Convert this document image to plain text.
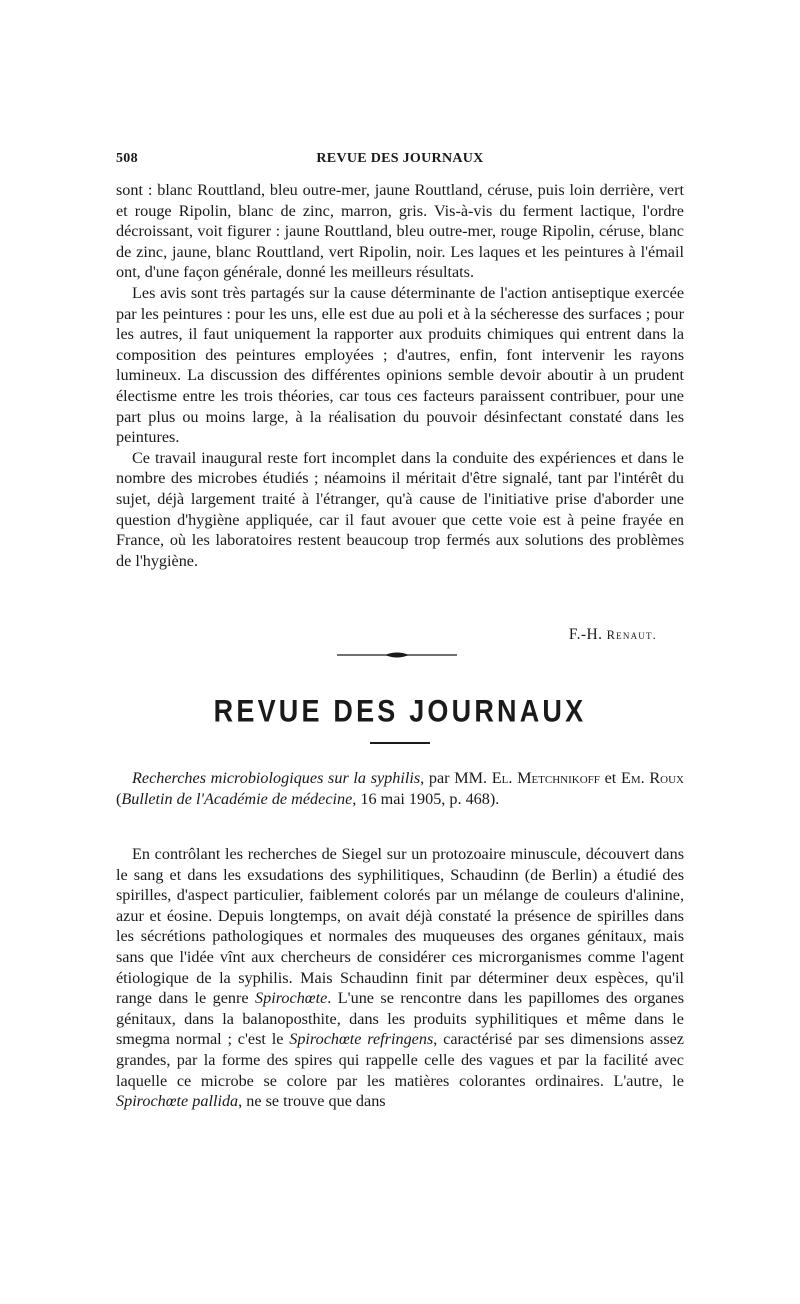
508	REVUE DES JOURNAUX

sont : blanc Routtland, bleu outre-mer, jaune Routtland, céruse, puis loin derrière, vert et rouge Ripolin, blanc de zinc, marron, gris. Vis-à-vis du ferment lactique, l'ordre décroissant, voit figurer : jaune Routtland, bleu outre-mer, rouge Ripolin, céruse, blanc de zinc, jaune, blanc Routtland, vert Ripolin, noir. Les laques et les peintures à l'émail ont, d'une façon générale, donné les meilleurs résultats.

Les avis sont très partagés sur la cause déterminante de l'action antiseptique exercée par les peintures : pour les uns, elle est due au poli et à la sécheresse des surfaces ; pour les autres, il faut uniquement la rapporter aux produits chimiques qui entrent dans la composition des peintures employées ; d'autres, enfin, font intervenir les rayons lumineux. La discussion des différentes opinions semble devoir aboutir à un prudent électisme entre les trois théories, car tous ces facteurs paraissent contribuer, pour une part plus ou moins large, à la réalisation du pouvoir désinfectant constaté dans les peintures.

Ce travail inaugural reste fort incomplet dans la conduite des expériences et dans le nombre des microbes étudiés ; néamoins il méritait d'être signalé, tant par l'intérêt du sujet, déjà largement traité à l'étranger, qu'à cause de l'initiative prise d'aborder une question d'hygiène appliquée, car il faut avouer que cette voie est à peine frayée en France, où les laboratoires restent beaucoup trop fermés aux solutions des problèmes de l'hygiène.

F.-H. Renaut.
REVUE DES JOURNAUX

Recherches microbiologiques sur la syphilis, par MM. El. Metchnikoff et Em. Roux (Bulletin de l'Académie de médecine, 16 mai 1905, p. 468).

En contrôlant les recherches de Siegel sur un protozoaire minuscule, découvert dans le sang et dans les exsudations des syphilitiques, Schaudinn (de Berlin) a étudié des spirilles, d'aspect particulier, faiblement colorés par un mélange de couleurs d'alinine, azur et éosine. Depuis longtemps, on avait déjà constaté la présence de spirilles dans les sécrétions pathologiques et normales des muqueuses des organes génitaux, mais sans que l'idée vînt aux chercheurs de considérer ces microrganismes comme l'agent étiologique de la syphilis. Mais Schaudinn finit par déterminer deux espèces, qu'il range dans le genre Spirochœte. L'une se rencontre dans les papillomes des organes génitaux, dans la balanoposthite, dans les produits syphilitiques et même dans le smegma normal ; c'est le Spirochœte refringens, caractérisé par ses dimensions assez grandes, par la forme des spires qui rappelle celle des vagues et par la facilité avec laquelle ce microbe se colore par les matières colorantes ordinaires. L'autre, le Spirochœte pallida, ne se trouve que dans
